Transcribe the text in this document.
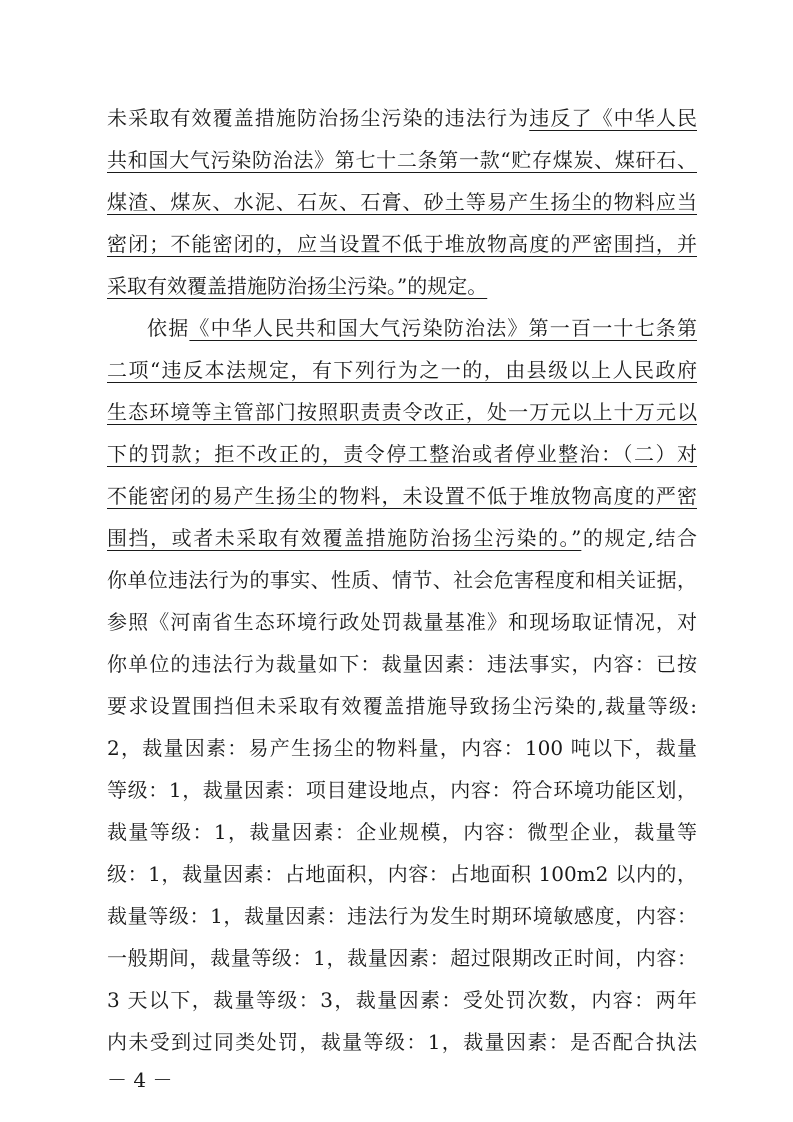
未采取有效覆盖措施防治扬尘污染的违法行为违反了《中华人民
共和国大气污染防治法》第七十二条第一款“贮存煤炭、煤矸石、
煤渣、煤灰、水泥、石灰、石膏、砂土等易产生扬尘的物料应当
密闭；不能密闭的，应当设置不低于堆放物高度的严密围挡，并
采取有效覆盖措施防治扬尘污染。”的规定。
依据《中华人民共和国大气污染防治法》第一百一十七条第
二项“违反本法规定，有下列行为之一的，由县级以上人民政府
生态环境等主管部门按照职责责令改正，处一万元以上十万元以
下的罚款；拒不改正的，责令停工整治或者停业整治：（二）对
不能密闭的易产生扬尘的物料，未设置不低于堆放物高度的严密
围挡，或者未采取有效覆盖措施防治扬尘污染的。”的规定,结合
你单位违法行为的事实、性质、情节、社会危害程度和相关证据，
参照《河南省生态环境行政处罚裁量基准》和现场取证情况，对
你单位的违法行为裁量如下：裁量因素：违法事实，内容：已按
要求设置围挡但未采取有效覆盖措施导致扬尘污染的,裁量等级:
2，裁量因素：易产生扬尘的物料量，内容：100 吨以下，裁量
等级：1，裁量因素：项目建设地点，内容：符合环境功能区划，
裁量等级：1，裁量因素：企业规模，内容：微型企业，裁量等
级：1，裁量因素：占地面积，内容：占地面积 100m2 以内的，
裁量等级：1，裁量因素：违法行为发生时期环境敏感度，内容：
一般期间，裁量等级：1，裁量因素：超过限期改正时间，内容：
3 天以下，裁量等级：3，裁量因素：受处罚次数，内容：两年
内未受到过同类处罚，裁量等级：1，裁量因素：是否配合执法
－ 4 －
